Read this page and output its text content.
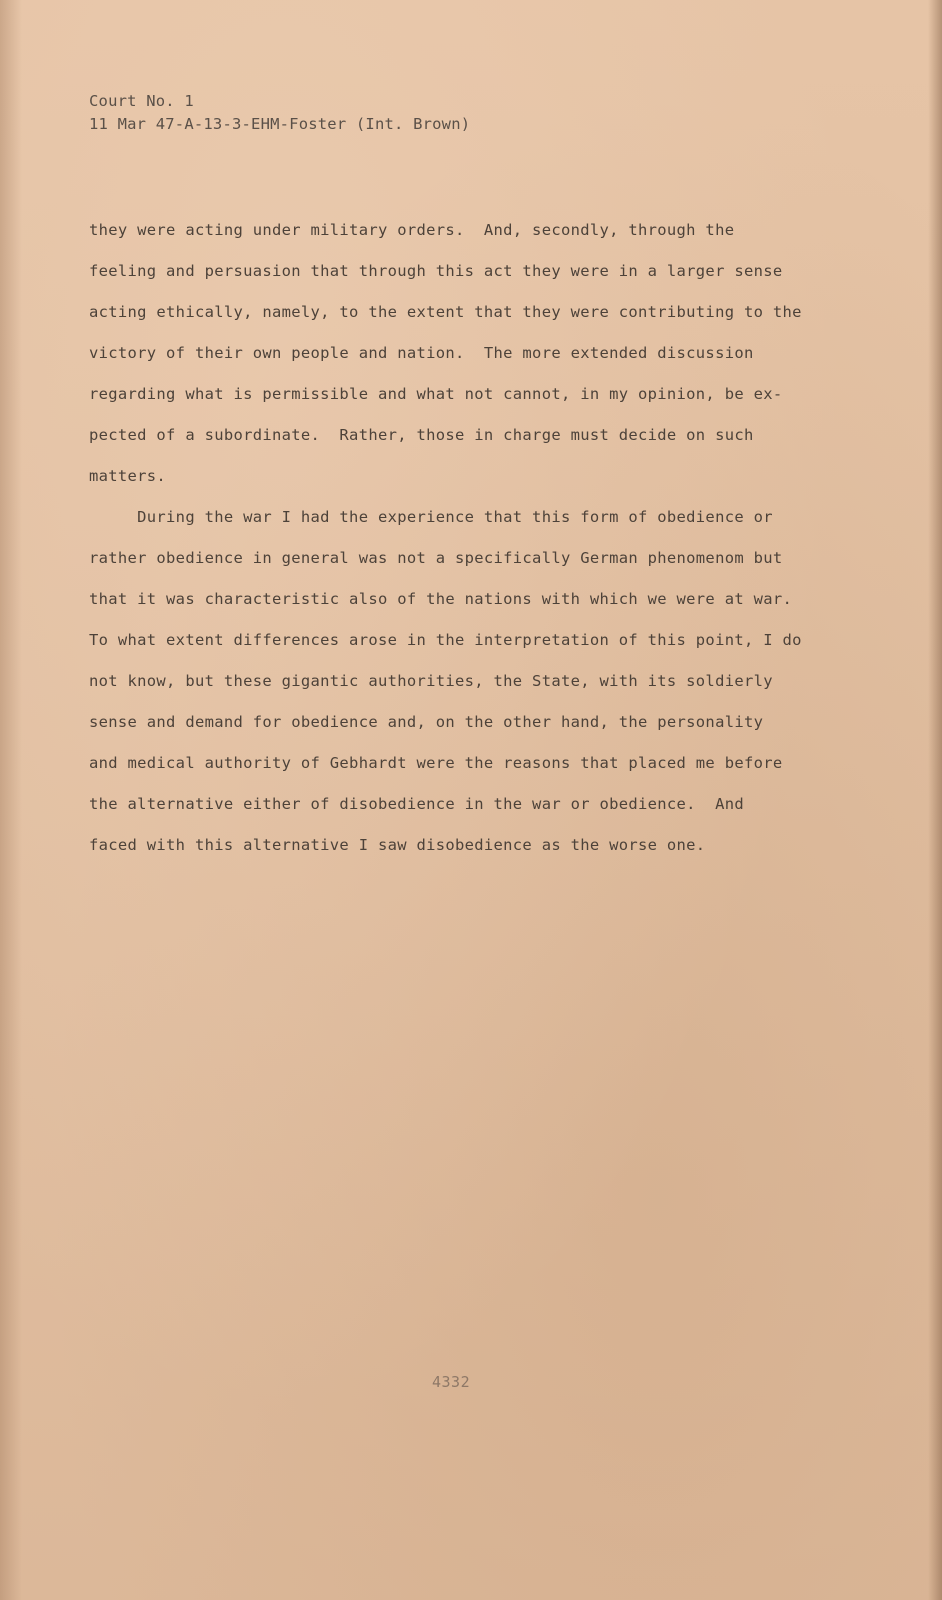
Court No. 1
11 Mar 47-A-13-3-EHM-Foster (Int. Brown)
they were acting under military orders.  And, secondly, through the
feeling and persuasion that through this act they were in a larger sense
acting ethically, namely, to the extent that they were contributing to the
victory of their own people and nation.  The more extended discussion
regarding what is permissible and what not cannot, in my opinion, be ex-
pected of a subordinate.  Rather, those in charge must decide on such
matters.
During the war I had the experience that this form of obedience or
rather obedience in general was not a specifically German phenomenom but
that it was characteristic also of the nations with which we were at war.
To what extent differences arose in the interpretation of this point, I do
not know, but these gigantic authorities, the State, with its soldierly
sense and demand for obedience and, on the other hand, the personality
and medical authority of Gebhardt were the reasons that placed me before
the alternative either of disobedience in the war or obedience.  And
faced with this alternative I saw disobedience as the worse one.
4332
